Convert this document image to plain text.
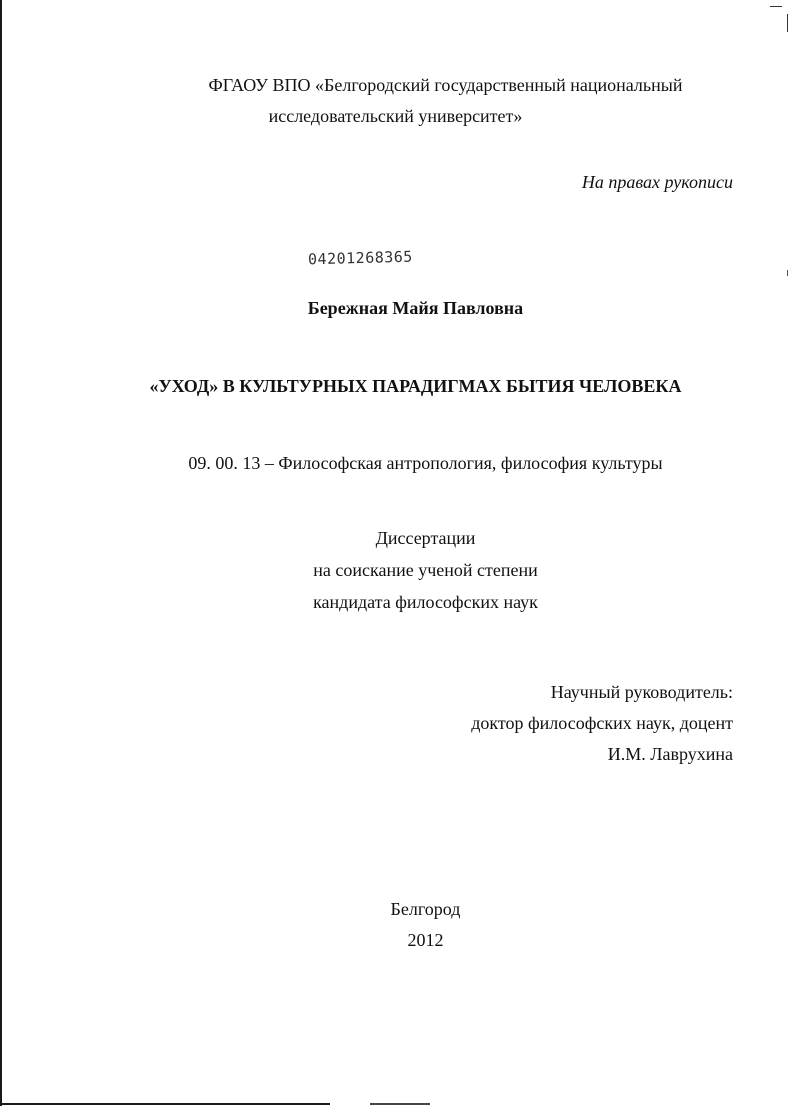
ФГАОУ ВПО «Белгородский государственный национальный
исследовательский университет»
На правах рукописи
04201268365
Бережная Майя Павловна
«УХОД» В КУЛЬТУРНЫХ ПАРАДИГМАХ БЫТИЯ ЧЕЛОВЕКА
09. 00. 13 – Философская антропология, философия культуры
Диссертации
на соискание ученой степени
кандидата философских наук
Научный руководитель:
доктор философских наук, доцент
И.М. Лаврухина
Белгород
2012
